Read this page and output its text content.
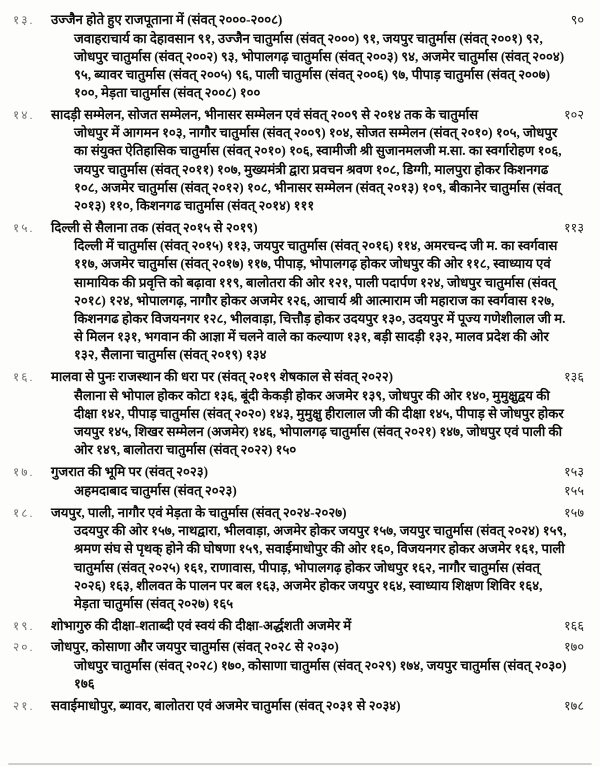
१३.	उज्जैन होते हुए राजपूताना में (संवत् २०००-२००८)	९०
जवाहराचार्य का देहावसान ९१, उज्जैन चातुर्मास (संवत् २०००) ९१, जयपुर चातुर्मास (संवत् २००१) ९२, जोधपुर चातुर्मास (संवत् २००२) ९३, भोपालगढ़ चातुर्मास (संवत् २००३) ९४, अजमेर चातुर्मास (संवत् २००४) ९५, ब्यावर चातुर्मास (संवत् २००५) ९६, पाली चातुर्मास (संवत् २००६) ९७, पीपाड़ चातुर्मास (संवत् २००७) १००, मेड़ता चातुर्मास (संवत् २००८) १००
१४.	सादड़ी सम्मेलन, सोजत सम्मेलन, भीनासर सम्मेलन एवं संवत् २००९ से २०१४ तक के चातुर्मास	१०२
जोधपुर में आगमन १०३, नागौर चातुर्मास (संवत् २००९) १०४, सोजत सम्मेलन (संवत् २०१०) १०५, जोधपुर का संयुक्त ऐतिहासिक चातुर्मास (संवत् २०१०) १०६, स्वामीजी श्री सुजानमलजी म.सा. का स्वर्गारोहण १०६, जयपुर चातुर्मास (संवत् २०११) १०७, मुख्यमंत्री द्वारा प्रवचन श्रवण १०८, डिग्गी, मालपुरा होकर किशनगढ १०८, अजमेर चातुर्मास (संवत् २०१२) १०८, भीनासर सम्मेलन (संवत् २०१३) १०९, बीकानेर चातुर्मास (संवत् २०१३) ११०, किशनगढ चातुर्मास (संवत् २०१४) १११
१५.	दिल्ली से सैलाना तक (संवत् २०१५ से २०१९)	११३
दिल्ली में चातुर्मास (संवत् २०१५) ११३, जयपुर चातुर्मास (संवत् २०१६) ११४, अमरचन्द जी म. का स्वर्गवास ११७, अजमेर चातुर्मास (संवत् २०१७) ११७, पीपाड़, भोपालगढ़ होकर जोधपुर की ओर ११८, स्वाध्याय एवं सामायिक की प्रवृत्ति को बढ़ावा ११९, बालोतरा की ओर १२१, पाली पदार्पण १२४, जोधपुर चातुर्मास (संवत् २०१८) १२४, भोपालगढ़, नागौर होकर अजमेर १२६, आचार्य श्री आत्माराम जी महाराज का स्वर्गवास १२७, किशनगढ होकर विजयनगर १२८, भीलवाड़ा, चित्तौड़ होकर उदयपुर १३०, उदयपुर में पूज्य गणेशीलाल जी म. से मिलन १३१, भगवान की आज्ञा में चलने वाले का कल्याण १३१, बड़ी सादड़ी १३२, मालव प्रदेश की ओर १३२, सैलाना चातुर्मास (संवत् २०१९) १३४
१६.	मालवा से पुनः राजस्थान की धरा पर (संवत् २०१९ शेषकाल से संवत् २०२२)	१३६
सैलाना से भोपाल होकर कोटा १३६, बूंदी केकड़ी होकर अजमेर १३९, जोधपुर की ओर १४०, मुमुक्षुद्वय की दीक्षा १४२, पीपाड़ चातुर्मास (संवत् २०२०) १४३, मुमुक्षु हीरालाल जी की दीक्षा १४५, पीपाड़ से जोधपुर होकर जयपुर १४५, शिखर सम्मेलन (अजमेर) १४६, भोपालगढ़ चातुर्मास (संवत् २०२१) १४७, जोधपुर एवं पाली की ओर १४९, बालोतरा चातुर्मास (संवत् २०२२) १५०
१७.	गुजरात की भूमि पर (संवत् २०२३)	१५३
अहमदाबाद चातुर्मास (संवत् २०२३)	१५५
१८.	जयपुर, पाली, नागौर एवं मेड़ता के चातुर्मास (संवत् २०२४-२०२७)	१५७
उदयपुर की ओर १५७, नाथद्वारा, भीलवाड़ा, अजमेर होकर जयपुर १५७, जयपुर चातुर्मास (संवत् २०२४) १५९, श्रमण संघ से पृथक् होने की घोषणा १५९, सवाईमाधोपुर की ओर १६०, विजयनगर होकर अजमेर १६१, पाली चातुर्मास (संवत् २०२५) १६१, राणावास, पीपाड़, भोपालगढ़ होकर जोधपुर १६२, नागौर चातुर्मास (संवत् २०२६) १६३, शीलवत के पालन पर बल १६३, अजमेर होकर जयपुर १६४, स्वाध्याय शिक्षण शिविर १६४, मेड़ता चातुर्मास (संवत् २०२७) १६५
१९.	शोभागुरु की दीक्षा-शताब्दी एवं स्वयं की दीक्षा-अर्द्धशती अजमेर में	१६६
२०.	जोधपुर, कोसाणा और जयपुर चातुर्मास (संवत् २०२८ से २०३०)	१७०
जोधपुर चातुर्मास (संवत् २०२८) १७०, कोसाणा चातुर्मास (संवत् २०२९) १७४, जयपुर चातुर्मास (संवत् २०३०) १७६
२१.	सवाईमाधोपुर, ब्यावर, बालोतरा एवं अजमेर चातुर्मास (संवत् २०३१ से २०३४)	१७८
